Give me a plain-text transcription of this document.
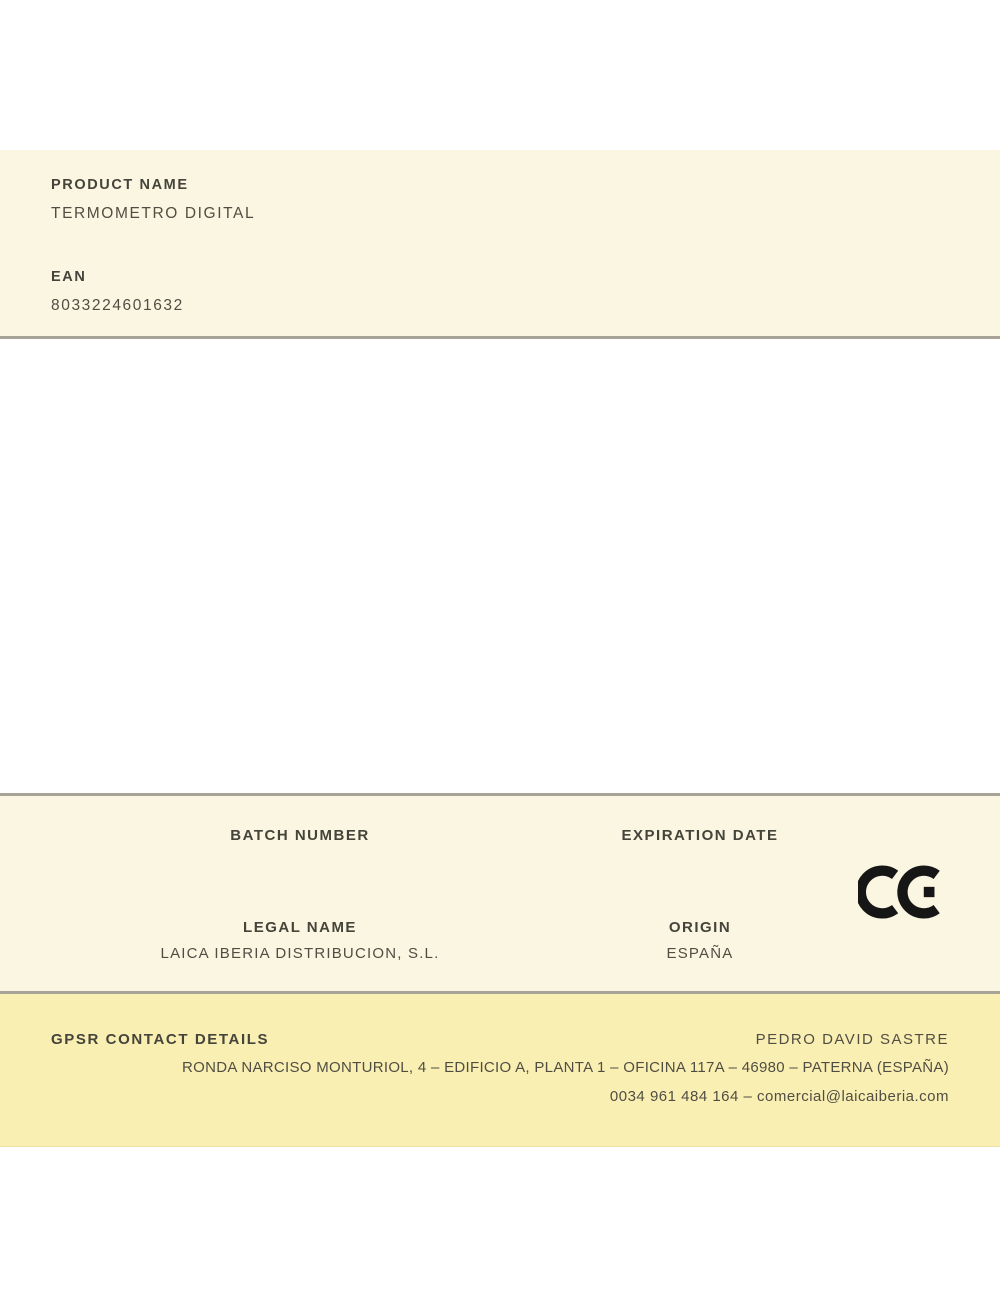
PRODUCT NAME
TERMOMETRO DIGITAL
EAN
8033224601632
BATCH NUMBER
LEGAL NAME
LAICA IBERIA DISTRIBUCION, S.L.
EXPIRATION DATE
ORIGIN
ESPAÑA
GPSR CONTACT DETAILS	PEDRO DAVID SASTRE
RONDA NARCISO MONTURIOL, 4 – EDIFICIO A, PLANTA 1 – OFICINA 117A – 46980 – PATERNA (ESPAÑA)
0034 961 484 164 – comercial@laicaiberia.com
